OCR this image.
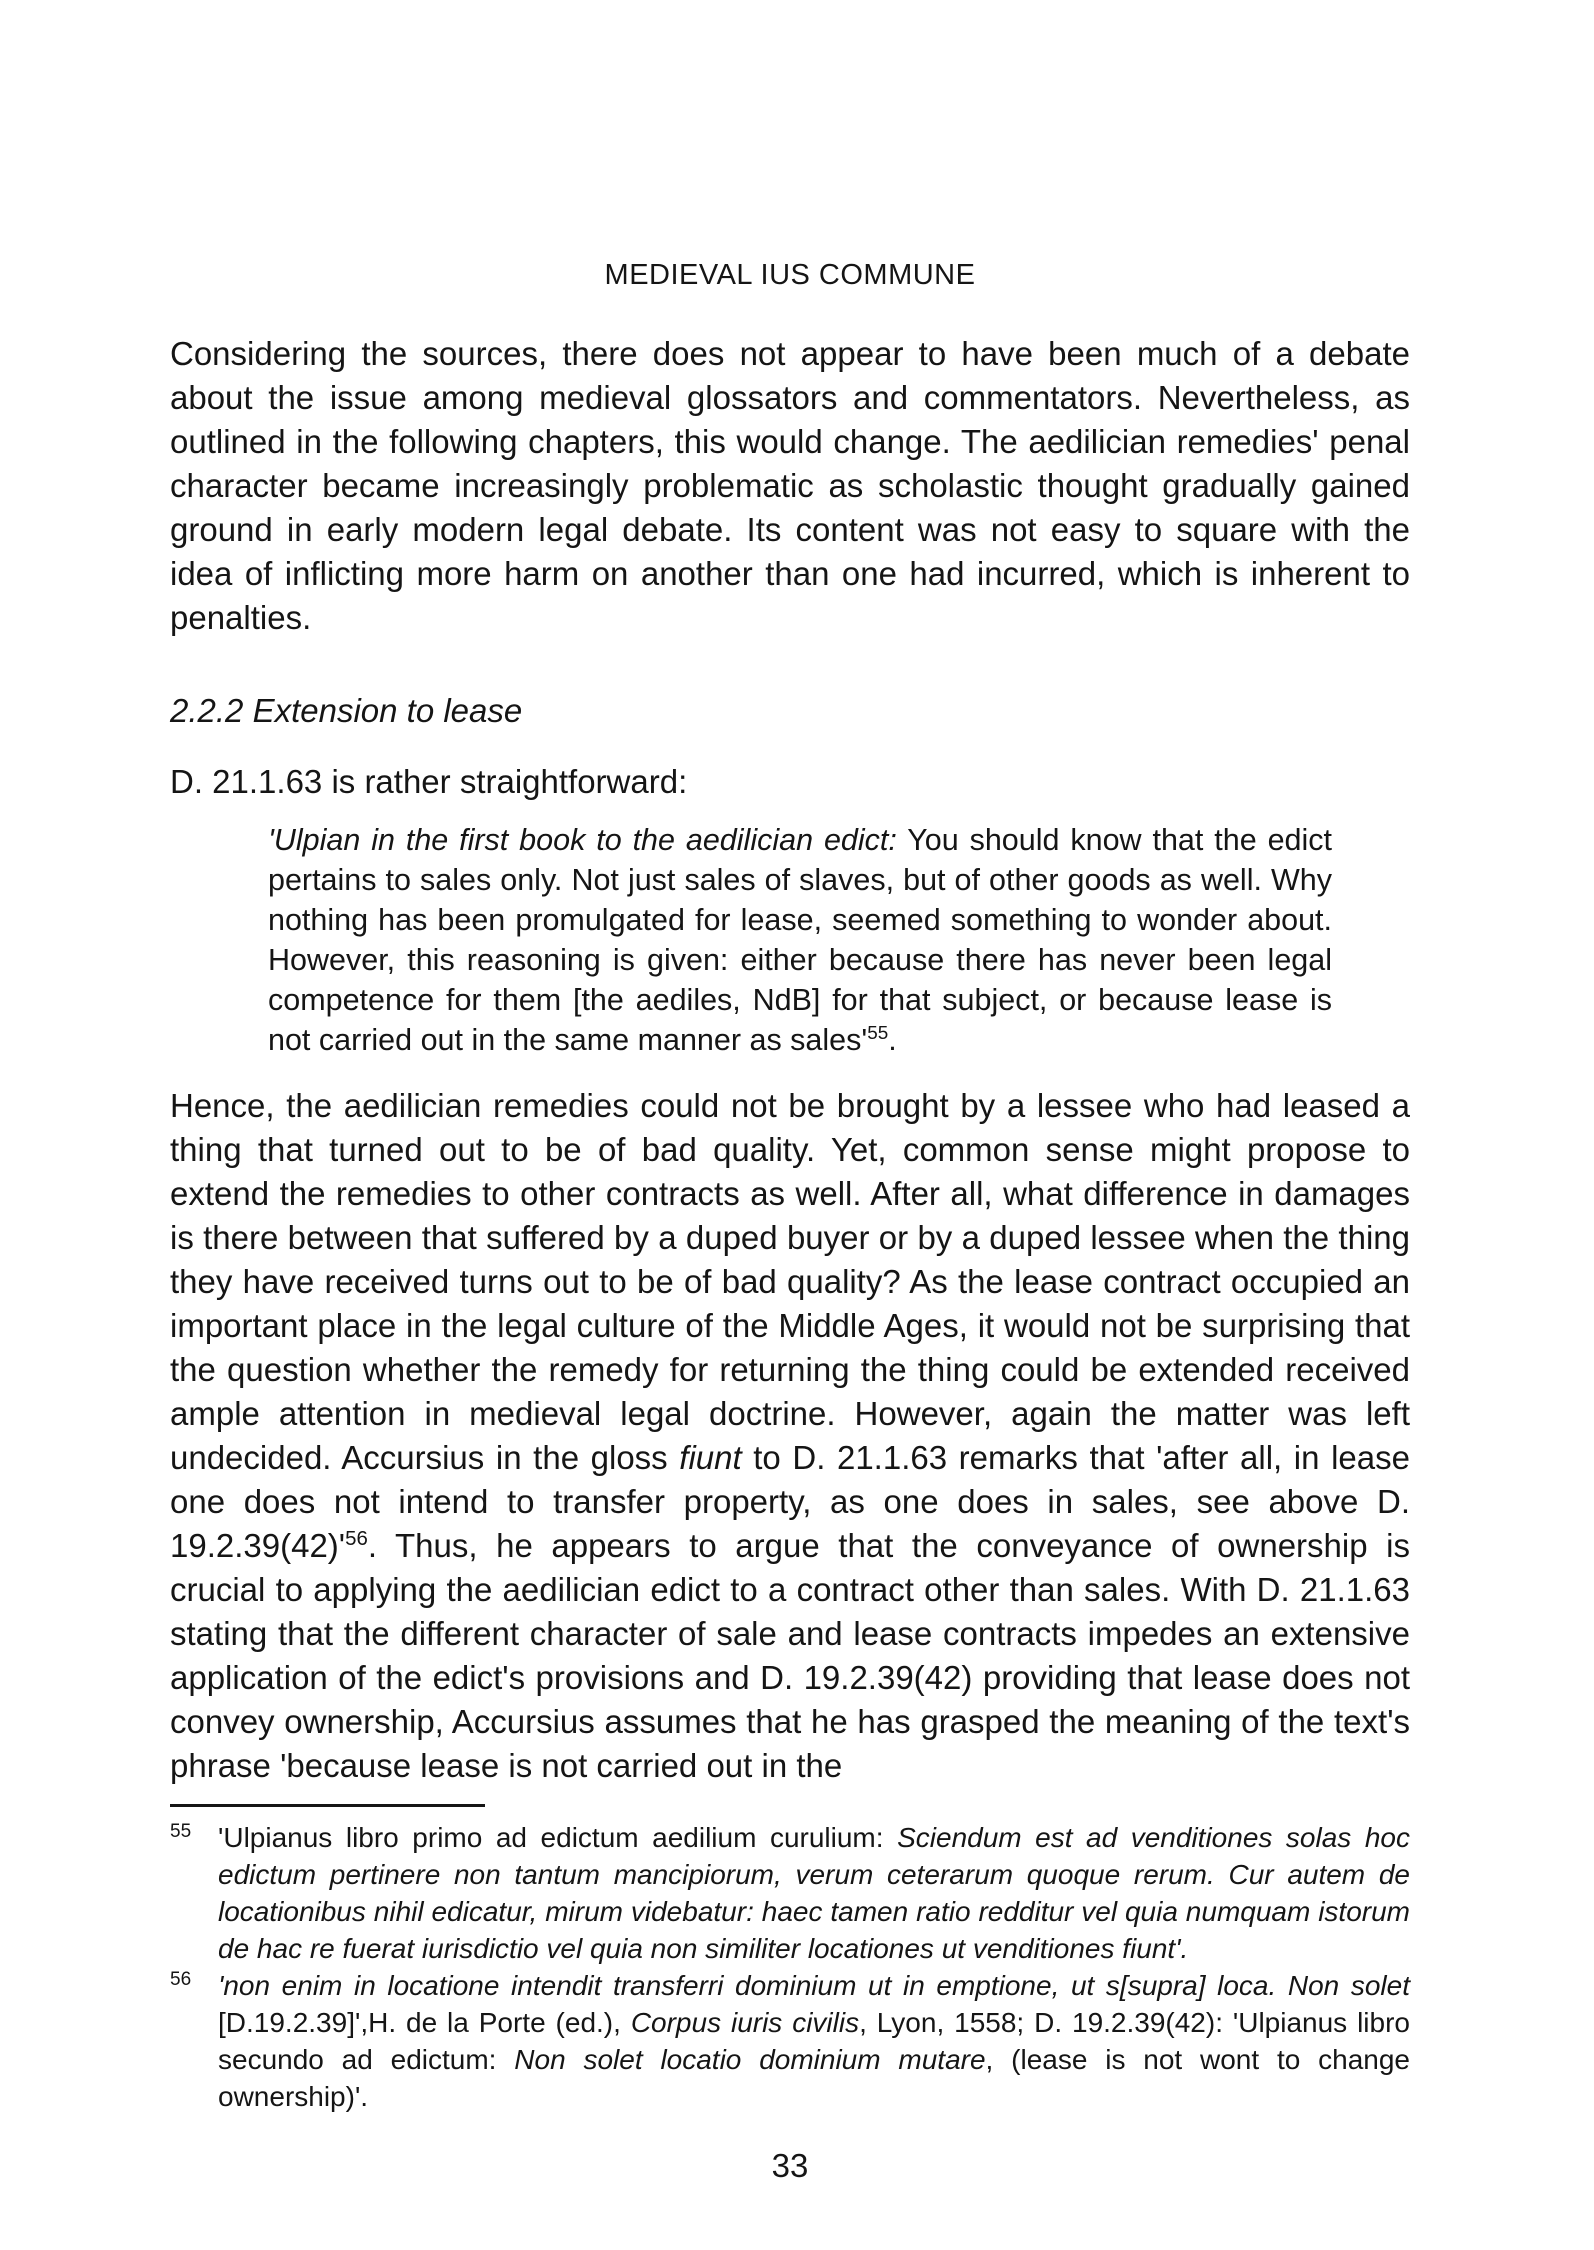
MEDIEVAL IUS COMMUNE

Considering the sources, there does not appear to have been much of a debate about the issue among medieval glossators and commentators. Nevertheless, as outlined in the following chapters, this would change. The aedilician remedies' penal character became increasingly problematic as scholastic thought gradually gained ground in early modern legal debate. Its content was not easy to square with the idea of inflicting more harm on another than one had incurred, which is inherent to penalties.

2.2.2 Extension to lease

D. 21.1.63 is rather straightforward:

'Ulpian in the first book to the aedilician edict: You should know that the edict pertains to sales only. Not just sales of slaves, but of other goods as well. Why nothing has been promulgated for lease, seemed something to wonder about. However, this reasoning is given: either because there has never been legal competence for them [the aediles, NdB] for that subject, or because lease is not carried out in the same manner as $sales'^{55}$.

Hence, the aedilician remedies could not be brought by a lessee who had leased a thing that turned out to be of bad quality. Yet, common sense might propose to extend the remedies to other contracts as well. After all, what difference in damages is there between that suffered by a duped buyer or by a duped lessee when the thing they have received turns out to be of bad quality? As the lease contract occupied an important place in the legal culture of the Middle Ages, it would not be surprising that the question whether the remedy for returning the thing could be extended received ample attention in medieval legal doctrine. However, again the matter was left undecided. Accursius in the gloss fiunt to D. 21.1.63 remarks that 'after all, in lease one does not intend to transfer property, as one does in sales, see above D. $19.2.39(42)'^{56}$. Thus, he appears to argue that the conveyance of ownership is crucial to applying the aedilician edict to a contract other than sales. With D. 21.1.63 stating that the different character of sale and lease contracts impedes an extensive application of the edict's provisions and D. 19.2.39(42) providing that lease does not convey ownership, Accursius assumes that he has grasped the meaning of the text's phrase 'because lease is not carried out in the

55 'Ulpianus libro primo ad edictum aedilium curulium: Sciendum est ad venditiones solas hoc edictum pertinere non tantum mancipiorum, verum ceterarum quoque rerum. Cur autem de locationibus nihil edicatur, mirum videbatur: haec tamen ratio redditur vel quia numquam istorum de hac re fuerat iurisdictio vel quia non similiter locationes ut venditiones fiunt'.
56 'non enim in locatione intendit transferri dominium ut in emptione, ut s[supra] loca. Non solet [D.19.2.39]',H. de la Porte (ed.), Corpus iuris civilis, Lyon, 1558; D. 19.2.39(42): 'Ulpianus libro secundo ad edictum: Non solet locatio dominium mutare, (lease is not wont to change ownership)'.
33
